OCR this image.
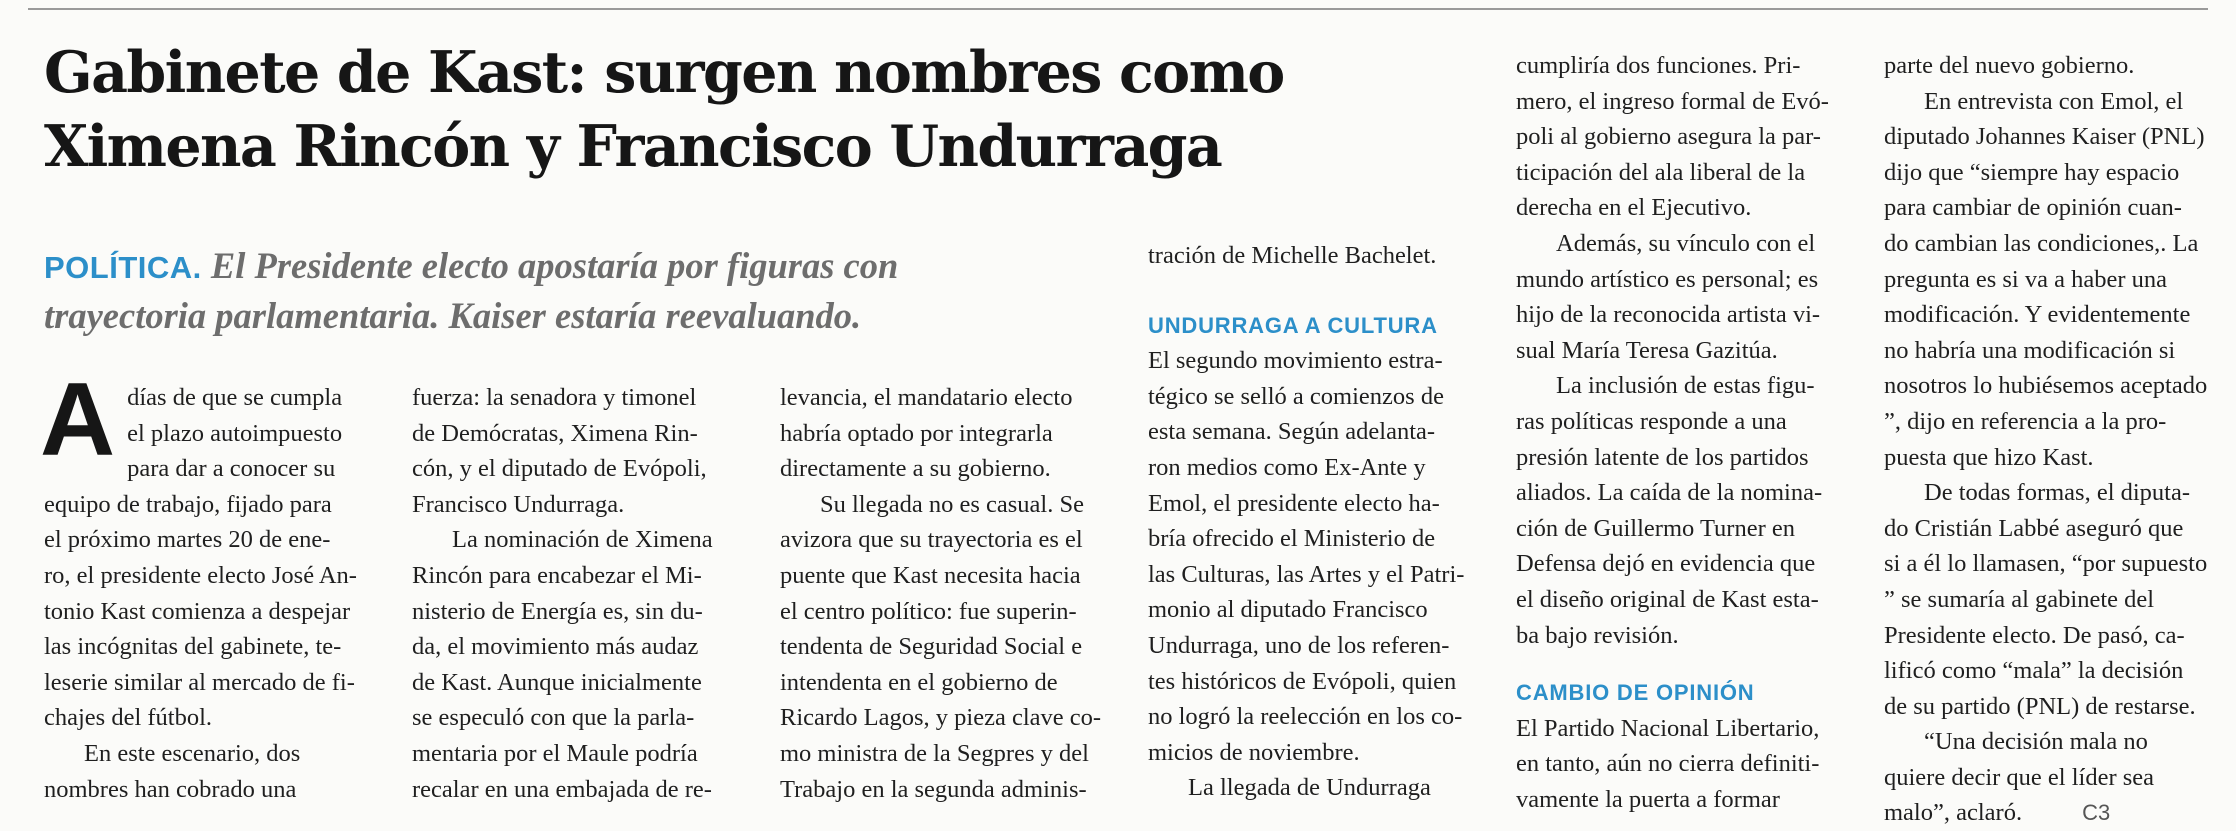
Gabinete de Kast: surgen nombres como
Ximena Rincón y Francisco Undurraga
POLÍTICA. El Presidente electo apostaría por figuras con
trayectoria parlamentaria. Kaiser estaría reevaluando.

A días de que se cumpla
el plazo autoimpuesto
para dar a conocer su
equipo de trabajo, fijado para
el próximo martes 20 de ene-
ro, el presidente electo José An-
tonio Kast comienza a despejar
las incógnitas del gabinete, te-
leserie similar al mercado de fi-
chajes del fútbol.

En este escenario, dos
nombres han cobrado una

fuerza: la senadora y timonel
de Demócratas, Ximena Rin-
cón, y el diputado de Evópoli,
Francisco Undurraga.

La nominación de Ximena
Rincón para encabezar el Mi-
nisterio de Energía es, sin du-
da, el movimiento más audaz
de Kast. Aunque inicialmente
se especuló con que la parla-
mentaria por el Maule podría
recalar en una embajada de re-

levancia, el mandatario electo
habría optado por integrarla
directamente a su gobierno.

Su llegada no es casual. Se
avizora que su trayectoria es el
puente que Kast necesita hacia
el centro político: fue superin-
tendenta de Seguridad Social e
intendenta en el gobierno de
Ricardo Lagos, y pieza clave co-
mo ministra de la Segpres y del
Trabajo en la segunda adminis-

tración de Michelle Bachelet.

UNDURRAGA A CULTURA

El segundo movimiento estra-
tégico se selló a comienzos de
esta semana. Según adelanta-
ron medios como Ex-Ante y
Emol, el presidente electo ha-
bría ofrecido el Ministerio de
las Culturas, las Artes y el Patri-
monio al diputado Francisco
Undurraga, uno de los referen-
tes históricos de Evópoli, quien
no logró la reelección en los co-
micios de noviembre.

La llegada de Undurraga

cumpliría dos funciones. Pri-
mero, el ingreso formal de Evó-
poli al gobierno asegura la par-
ticipación del ala liberal de la
derecha en el Ejecutivo.

Además, su vínculo con el
mundo artístico es personal; es
hijo de la reconocida artista vi-
sual María Teresa Gazitúa.

La inclusión de estas figu-
ras políticas responde a una
presión latente de los partidos
aliados. La caída de la nomina-
ción de Guillermo Turner en
Defensa dejó en evidencia que
el diseño original de Kast esta-
ba bajo revisión.

CAMBIO DE OPINIÓN

El Partido Nacional Libertario,
en tanto, aún no cierra definiti-
vamente la puerta a formar

parte del nuevo gobierno.

En entrevista con Emol, el
diputado Johannes Kaiser (PNL)
dijo que “siempre hay espacio
para cambiar de opinión cuan-
do cambian las condiciones,. La
pregunta es si va a haber una
modificación. Y evidentemente
no habría una modificación si
nosotros lo hubiésemos aceptado
”, dijo en referencia a la pro-
puesta que hizo Kast.

De todas formas, el diputa-
do Cristián Labbé aseguró que
si a él lo llamasen, “por supuesto
” se sumaría al gabinete del
Presidente electo. De pasó, ca-
lificó como “mala” la decisión
de su partido (PNL) de restarse.

“Una decisión mala no
quiere decir que el líder sea
malo”, aclaró.	C3
